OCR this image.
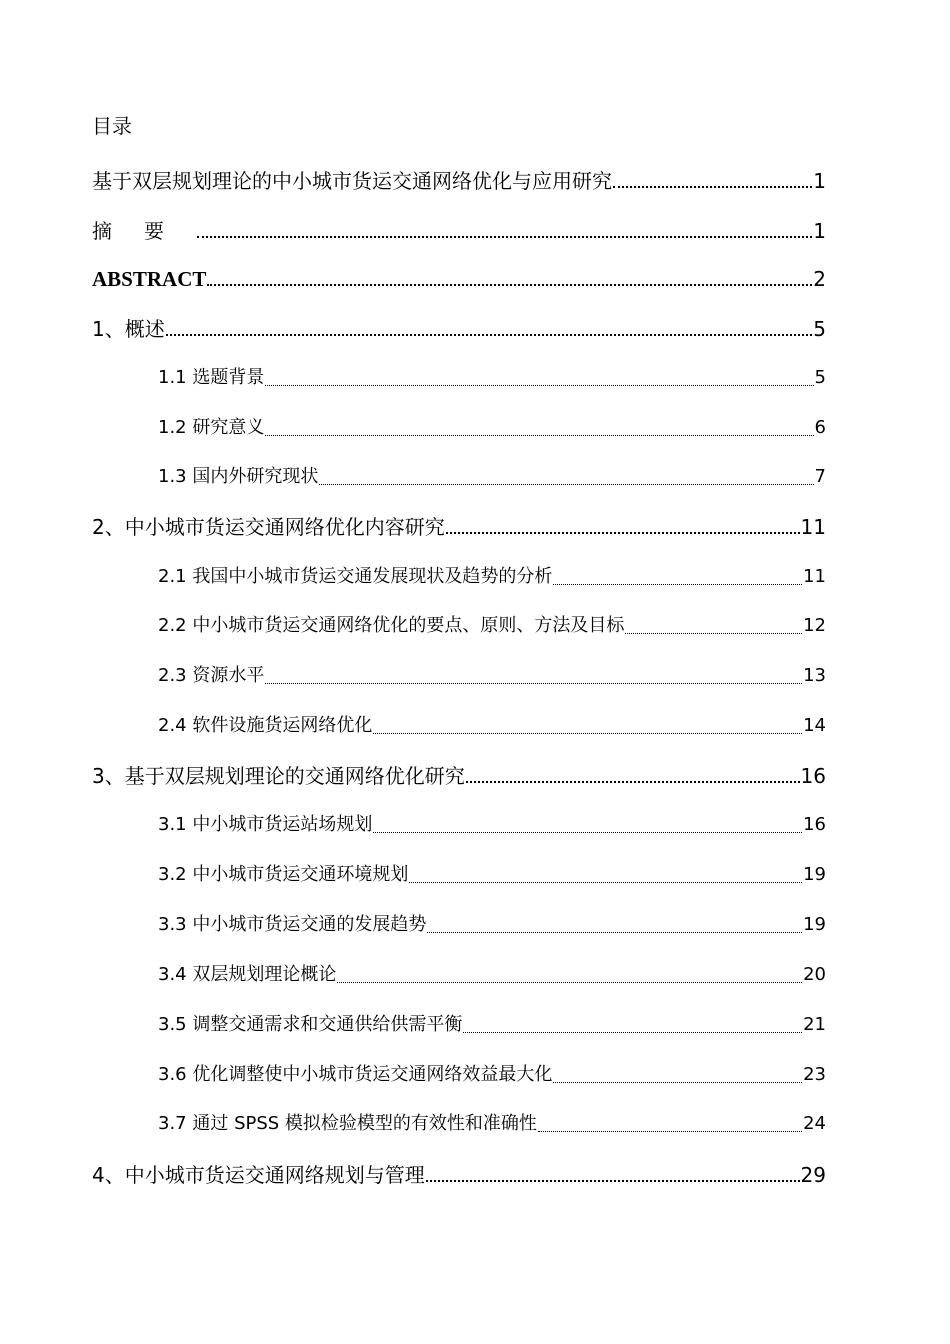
目录
基于双层规划理论的中小城市货运交通网络优化与应用研究	1
摘要	1
ABSTRACT	2
1、概述	5
1.1 选题背景	5
1.2 研究意义	6
1.3 国内外研究现状	7
2、中小城市货运交通网络优化内容研究	11
2.1 我国中小城市货运交通发展现状及趋势的分析	11
2.2 中小城市货运交通网络优化的要点、原则、方法及目标	12
2.3 资源水平	13
2.4 软件设施货运网络优化	14
3、基于双层规划理论的交通网络优化研究	16
3.1 中小城市货运站场规划	16
3.2 中小城市货运交通环境规划	19
3.3 中小城市货运交通的发展趋势	19
3.4 双层规划理论概论	20
3.5 调整交通需求和交通供给供需平衡	21
3.6 优化调整使中小城市货运交通网络效益最大化	23
3.7 通过 SPSS 模拟检验模型的有效性和准确性	24
4、中小城市货运交通网络规划与管理	29
